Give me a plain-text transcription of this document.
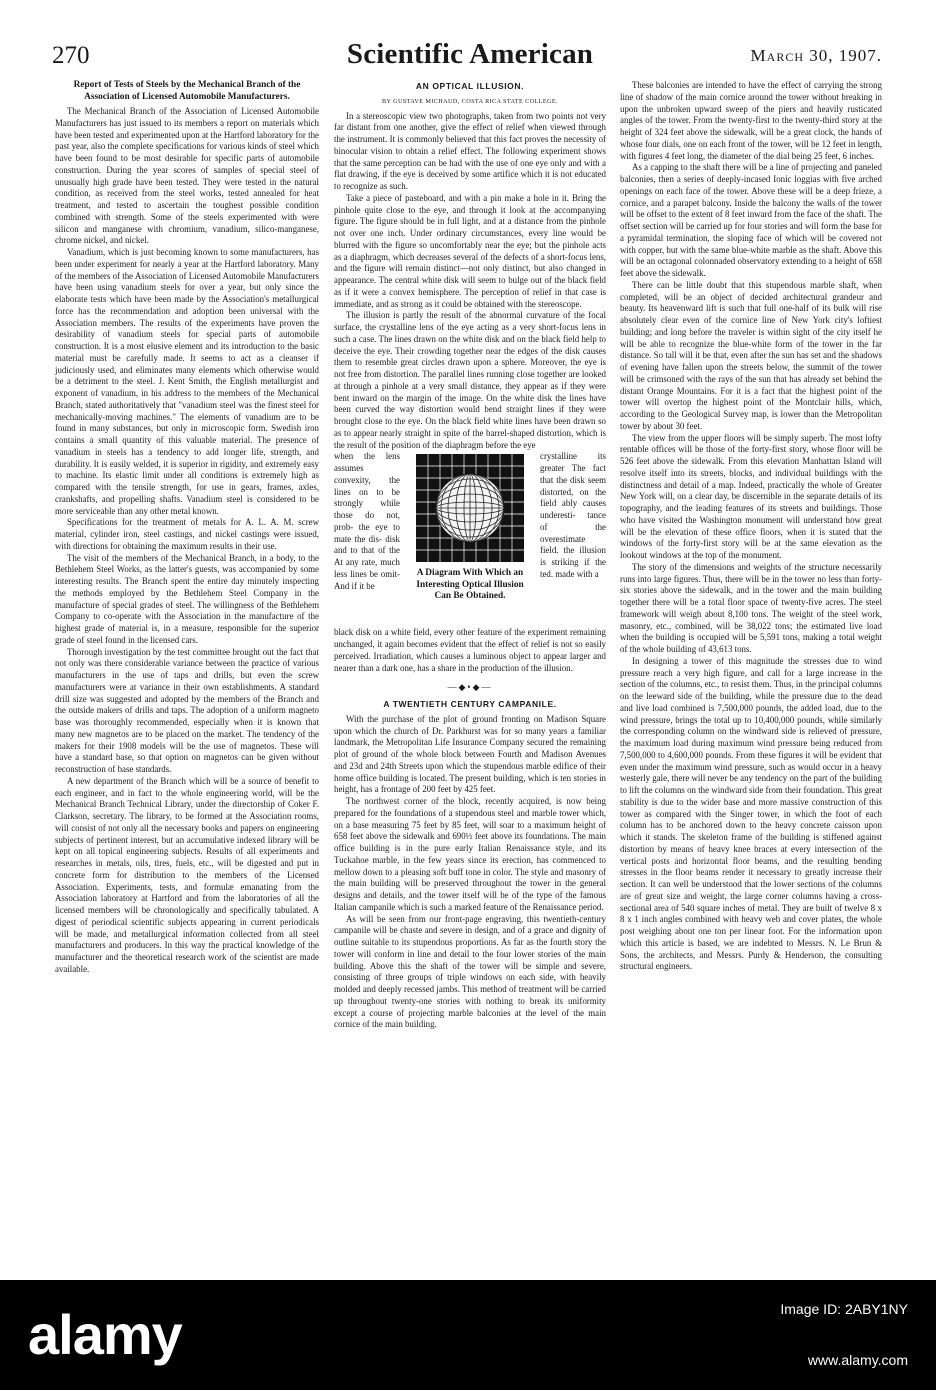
270	Scientific American	March 30, 1907.
Report of Tests of Steels by the Mechanical Branch of the Association of Licensed Automobile Manufacturers.

The Mechanical Branch of the Association of Licensed Automobile Manufacturers has just issued to its members a report on materials which have been tested and experimented upon at the Hartford laboratory for the past year, also the complete specifications for various kinds of steel which have been found to be most desirable for specific parts of automobile construction. During the year scores of samples of special steel of unusually high grade have been tested. They were tested in the natural condition, as received from the steel works, tested annealed for heat treatment, and tested to ascertain the toughest possible condition combined with strength. Some of the steels experimented with were silicon and manganese with chromium, vanadium, silico-manganese, chrome nickel, and nickel.

Vanadium, which is just becoming known to some manufacturers, has been under experiment for nearly a year at the Hartford laboratory. Many of the members of the Association of Licensed Automobile Manufacturers have been using vanadium steels for over a year, but only since the elaborate tests which have been made by the Association's metallurgical force has the recommendation and adoption been universal with the Association members. The results of the experiments have proven the desirability of vanadium steels for special parts of automobile construction. It is a most elusive element and its introduction to the basic material must be carefully made. It seems to act as a cleanser if judiciously used, and eliminates many elements which otherwise would be a detriment to the steel. J. Kent Smith, the English metallurgist and exponent of vanadium, in his address to the members of the Mechanical Branch, stated authoritatively that "vanadium steel was the finest steel for mechanically-moving machines." The elements of vanadium are to be found in many substances, but only in microscopic form. Swedish iron contains a small quantity of this valuable material. The presence of vanadium in steels has a tendency to add longer life, strength, and durability. It is easily welded, it is superior in rigidity, and extremely easy to machine. Its elastic limit under all conditions is extremely high as compared with the tensile strength, for use in gears, frames, axles, crankshafts, and propelling shafts. Vanadium steel is considered to be more serviceable than any other metal known.

Specifications for the treatment of metals for A. L. A. M. screw material, cylinder iron, steel castings, and nickel castings were issued, with directions for obtaining the maximum results in their use.

The visit of the members of the Mechanical Branch, in a body, to the Bethlehem Steel Works, as the latter's guests, was accompanied by some interesting results. The Branch spent the entire day minutely inspecting the methods employed by the Bethlehem Steel Company in the manufacture of special grades of steel. The willingness of the Bethlehem Company to co-operate with the Association in the manufacture of the highest grade of material is, in a measure, responsible for the superior grade of steel found in the licensed cars.

Thorough investigation by the test committee brought out the fact that not only was there considerable variance between the practice of various manufacturers in the use of taps and drills, but even the screw manufacturers were at variance in their own establishments. A standard drill size was suggested and adopted by the members of the Branch and the outside makers of drills and taps. The adoption of a uniform magneto base was thoroughly recommended, especially when it is known that many new magnetos are to be placed on the market. The tendency of the makers for their 1908 models will be the use of magnetos. These will have a standard base, so that option on magnetos can be given without reconstruction of base standards.

A new department of the Branch which will be a source of benefit to each engineer, and in fact to the whole engineering world, will be the Mechanical Branch Technical Library, under the directorship of Coker F. Clarkson, secretary. The library, to be formed at the Association rooms, will consist of not only all the necessary books and papers on engineering subjects of pertinent interest, but an accumulative indexed library will be kept on all topical engineering subjects. Results of all experiments and researches in metals, oils, tires, fuels, etc., will be digested and put in concrete form for distribution to the members of the Licensed Association. Experiments, tests, and formulæ emanating from the Association laboratory at Hartford and from the laboratories of all the licensed members will be chronologically and specifically tabulated. A digest of periodical scientific subjects appearing in current periodicals will be made, and metallurgical information collected from all steel manufacturers and producers. In this way the practical knowledge of the manufacturer and the theoretical research work of the scientist are made available.

AN OPTICAL ILLUSION.
BY GUSTAVE MICHAUD, COSTA RICA STATE COLLEGE.

In a stereoscopic view two photographs, taken from two points not very far distant from one another, give the effect of relief when viewed through the instrument. It is commonly believed that this fact proves the necessity of binocular vision to obtain a relief effect. The following experiment shows that the same perception can be had with the use of one eye only and with a flat drawing, if the eye is deceived by some artifice which it is not educated to recognize as such.

Take a piece of pasteboard, and with a pin make a hole in it. Bring the pinhole quite close to the eye, and through it look at the accompanying figure. The figure should be in full light, and at a distance from the pinhole not over one inch. Under ordinary circumstances, every line would be blurred with the figure so uncomfortably near the eye; but the pinhole acts as a diaphragm, which decreases several of the defects of a short-focus lens, and the figure will remain distinct—not only distinct, but also changed in appearance. The central white disk will seem to bulge out of the black field as if it were a convex hemisphere. The perception of relief in that case is immediate, and as strong as it could be obtained with the stereoscope.

The illusion is partly the result of the abnormal curvature of the focal surface, the crystalline lens of the eye acting as a very short-focus lens in such a case. The lines drawn on the white disk and on the black field help to deceive the eye. Their crowding together near the edges of the disk causes them to resemble great circles drawn upon a sphere. Moreover, the eye is not free from distortion. The parallel lines running close together are looked at through a pinhole at a very small distance, they appear as if they were bent inward on the margin of the image. On the white disk the lines have been curved the way distortion would bend straight lines if they were brought close to the eye. On the black field white lines have been drawn so as to appear nearly straight in spite of the barrel-shaped distortion, which is the result of the position of the diaphragm before the eye

when the lens assumes convexity, the lines on to be strongly while those do not, prob- the eye to mate the dis- disk and to that of the At any rate, much less lines be omit- And if it be

A Diagram With Which an Interesting Optical Illusion Can Be Obtained.

crystalline its greater The fact that the disk seem distorted, on the field ably causes underesti- tance of the overestimate field. the illusion is striking if the ted. made with a

black disk on a white field, every other feature of the experiment remaining unchanged, it again becomes evident that the effect of relief is not so easily perceived. Irradiation, which causes a luminous object to appear larger and nearer than a dark one, has a share in the production of the illusion.

—◆•◆—
A TWENTIETH CENTURY CAMPANILE.

With the purchase of the plot of ground fronting on Madison Square upon which the church of Dr. Parkhurst was for so many years a familiar landmark, the Metropolitan Life Insurance Company secured the remaining plot of ground of the whole block between Fourth and Madison Avenues and 23d and 24th Streets upon which the stupendous marble edifice of their home office building is located. The present building, which is ten stories in height, has a frontage of 200 feet by 425 feet.

The northwest corner of the block, recently acquired, is now being prepared for the foundations of a stupendous steel and marble tower which, on a base measuring 75 feet by 85 feet, will soar to a maximum height of 658 feet above the sidewalk and 690½ feet above its foundations. The main office building is in the pure early Italian Renaissance style, and its Tuckahoe marble, in the few years since its erection, has commenced to mellow down to a pleasing soft buff tone in color. The style and masonry of the main building will be preserved throughout the tower in the general designs and details, and the tower itself will be of the type of the famous Italian campanile which is such a marked feature of the Renaissance period.

As will be seen from our front-page engraving, this twentieth-century campanile will be chaste and severe in design, and of a grace and dignity of outline suitable to its stupendous proportions. As far as the fourth story the tower will conform in line and detail to the four lower stories of the main building. Above this the shaft of the tower will be simple and severe, consisting of three groups of triple windows on each side, with heavily molded and deeply recessed jambs. This method of treatment will be carried up throughout twenty-one stories with nothing to break its uniformity except a course of projecting marble balconies at the level of the main cornice of the main building.

These balconies are intended to have the effect of carrying the strong line of shadow of the main cornice around the tower without breaking in upon the unbroken upward sweep of the piers and heavily rusticated angles of the tower. From the twenty-first to the twenty-third story at the height of 324 feet above the sidewalk, will be a great clock, the hands of whose four dials, one on each front of the tower, will be 12 feet in length, with figures 4 feet long, the diameter of the dial being 25 feet, 6 inches.

As a capping to the shaft there will be a line of projecting and paneled balconies, then a series of deeply-incased Ionic loggias with five arched openings on each face of the tower. Above these will be a deep frieze, a cornice, and a parapet balcony. Inside the balcony the walls of the tower will be offset to the extent of 8 feet inward from the face of the shaft. The offset section will be carried up for four stories and will form the base for a pyramidal termination, the sloping face of which will be covered not with copper, but with the same blue-white marble as the shaft. Above this will be an octagonal colonnaded observatory extending to a height of 658 feet above the sidewalk.

There can be little doubt that this stupendous marble shaft, when completed, will be an object of decided architectural grandeur and beauty. Its heavenward lift is such that full one-half of its bulk will rise absolutely clear even of the cornice line of New York city's loftiest building; and long before the traveler is within sight of the city itself he will be able to recognize the blue-white form of the tower in the far distance. So tall will it be that, even after the sun has set and the shadows of evening have fallen upon the streets below, the summit of the tower will be crimsoned with the rays of the sun that has already set behind the distant Orange Mountains. For it is a fact that the highest point of the tower will overtop the highest point of the Montclair hills, which, according to the Geological Survey map, is lower than the Metropolitan tower by about 30 feet.

The view from the upper floors will be simply superb. The most lofty rentable offices will be those of the forty-first story, whose floor will be 526 feet above the sidewalk. From this elevation Manhattan Island will resolve itself into its streets, blocks, and individual buildings with the distinctness and detail of a map. Indeed, practically the whole of Greater New York will, on a clear day, be discernible in the separate details of its topography, and the leading features of its streets and buildings. Those who have visited the Washington monument will understand how great will be the elevation of these office floors, when it is stated that the windows of the forty-first story will be at the same elevation as the lookout windows at the top of the monument.

The story of the dimensions and weights of the structure necessarily runs into large figures. Thus, there will be in the tower no less than forty-six stories above the sidewalk, and in the tower and the main building together there will be a total floor space of twenty-five acres. The steel framework will weigh about 8,100 tons. The weight of the steel work, masonry, etc., combined, will be 38,022 tons; the estimated live load when the building is occupied will be 5,591 tons, making a total weight of the whole building of 43,613 tons.

In designing a tower of this magnitude the stresses due to wind pressure reach a very high figure, and call for a large increase in the section of the columns, etc., to resist them. Thus, in the principal columns on the leeward side of the building, while the pressure due to the dead and live load combined is 7,500,000 pounds, the added load, due to the wind pressure, brings the total up to 10,400,000 pounds, while similarly the corresponding column on the windward side is relieved of pressure, the maximum load during maximum wind pressure being reduced from 7,500,000 to 4,600,000 pounds. From these figures it will be evident that even under the maximum wind pressure, such as would occur in a heavy westerly gale, there will never be any tendency on the part of the building to lift the columns on the windward side from their foundation. This great stability is due to the wider base and more massive construction of this tower as compared with the Singer tower, in which the foot of each column has to be anchored down to the heavy concrete caisson upon which it stands. The skeleton frame of the building is stiffened against distortion by means of heavy knee braces at every intersection of the vertical posts and horizontal floor beams, and the resulting bending stresses in the floor beams render it necessary to greatly increase their section. It can well be understood that the lower sections of the columns are of great size and weight, the large corner columns having a cross-sectional area of 540 square inches of metal. They are built of twelve 8 x 8 x 1 inch angles combined with heavy web and cover plates, the whole post weighing about one ton per linear foot. For the information upon which this article is based, we are indebted to Messrs. N. Le Brun & Sons, the architects, and Messrs. Purdy & Henderson, the consulting structural engineers.

alamy	Image ID: 2ABY1NY
www.alamy.com
